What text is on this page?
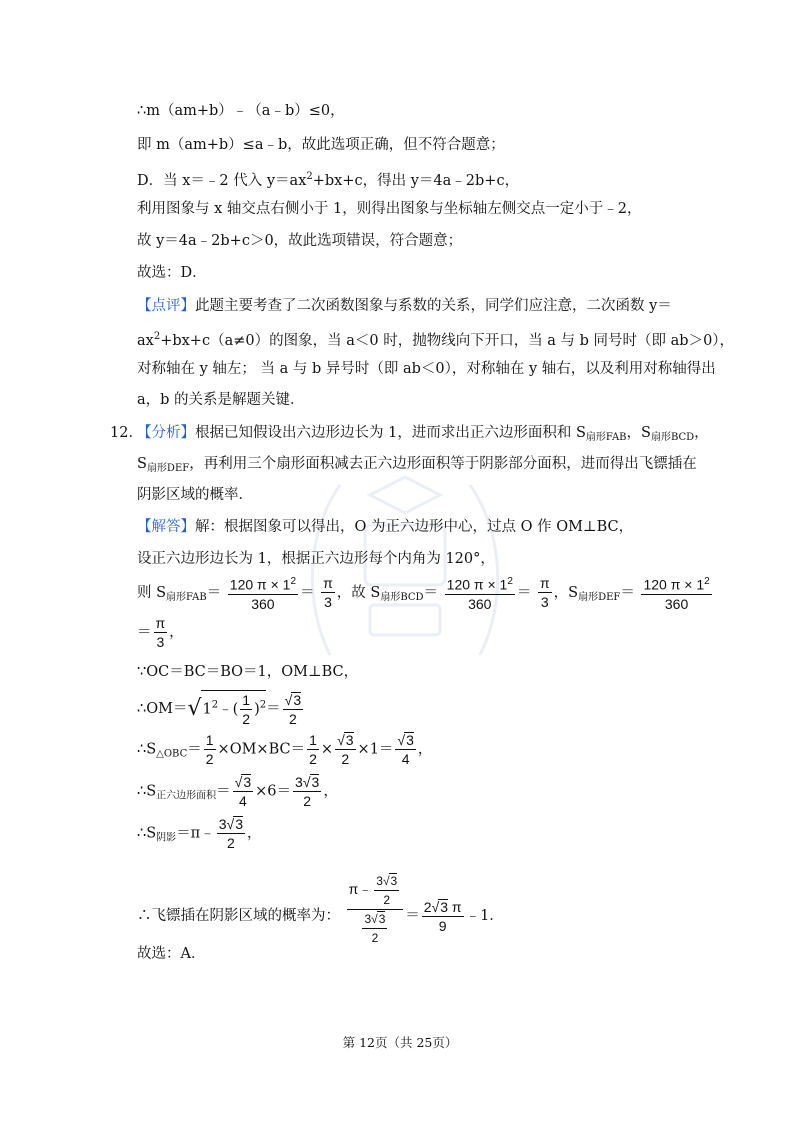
∴m（am+b）﹣（a﹣b）≤0，
即 m（am+b）≤a﹣b，故此选项正确，但不符合题意；
D．当 x＝﹣2 代入 $y=ax^2+bx+c$，得出 y＝4a﹣2b+c，
利用图象与 x 轴交点右侧小于 1，则得出图象与坐标轴左侧交点一定小于﹣2，
故 y＝4a﹣2b+c＞0，故此选项错误，符合题意；
故选：D．
【点评】此题主要考查了二次函数图象与系数的关系，同学们应注意，二次函数 y＝
$ax^2+bx+c(a\ne 0)$的图象，当 a＜0 时，抛物线向下开口，当 a 与 b 同号时（即 ab＞0），
对称轴在 y 轴左； 当 a 与 b 异号时（即 ab＜0），对称轴在 y 轴右，以及利用对称轴得出
a，b 的关系是解题关键．
12．
【分析】根据已知假设出六边形边长为 1，进而求出正六边形面积和 $S_{扇形FAB}$，$S_{扇形BCD}$，
$S_{扇形DEF}$，再利用三个扇形面积减去正六边形面积等于阴影部分面积，进而得出飞镖插在
阴影区域的概率．
【解答】解：根据图象可以得出，O 为正六边形中心，过点 O 作 OM⊥BC，
设正六边形边长为 1，根据正六边形每个内角为 120°，
则 $S_{扇形FAB}= \frac{120 \pi \times 1^2}{360} = \frac{\pi}{3}$ ，故 $S_{扇形BCD}= \frac{120 \pi \times 1^2}{360} = \frac{\pi}{3}$ ，$S_{扇形DEF}= \frac{120 \pi \times 1^2}{360}$
＝ $\frac{\pi}{3}$ ，
∵OC＝BC＝BO＝1，OM⊥BC，
$\therefore OM=√1^2﹣( \frac{1}{2} )^2= \frac{√3}{2}$
$\therefore S_{\triangle OBC}= \frac{1}{2} \times OM\times BC= \frac{1}{2} \times \frac{√3}{2} \times 1= \frac{√3}{4}$ ，
$\therefore S_{正六边形面积}= \frac{√3}{4} \times 6= \frac{3√3}{2}$ ，
$\therefore S_{阴影}=\pi﹣ \frac{3√3}{2}$ ，
∴飞镖插在阴影区域的概率为： $\frac{\pi﹣ \frac{3√3}{2}}{\frac{3√3}{2}} = \frac{2√3 \pi}{9}$ ﹣1．
故选：A．
第 12页（共 25页）
